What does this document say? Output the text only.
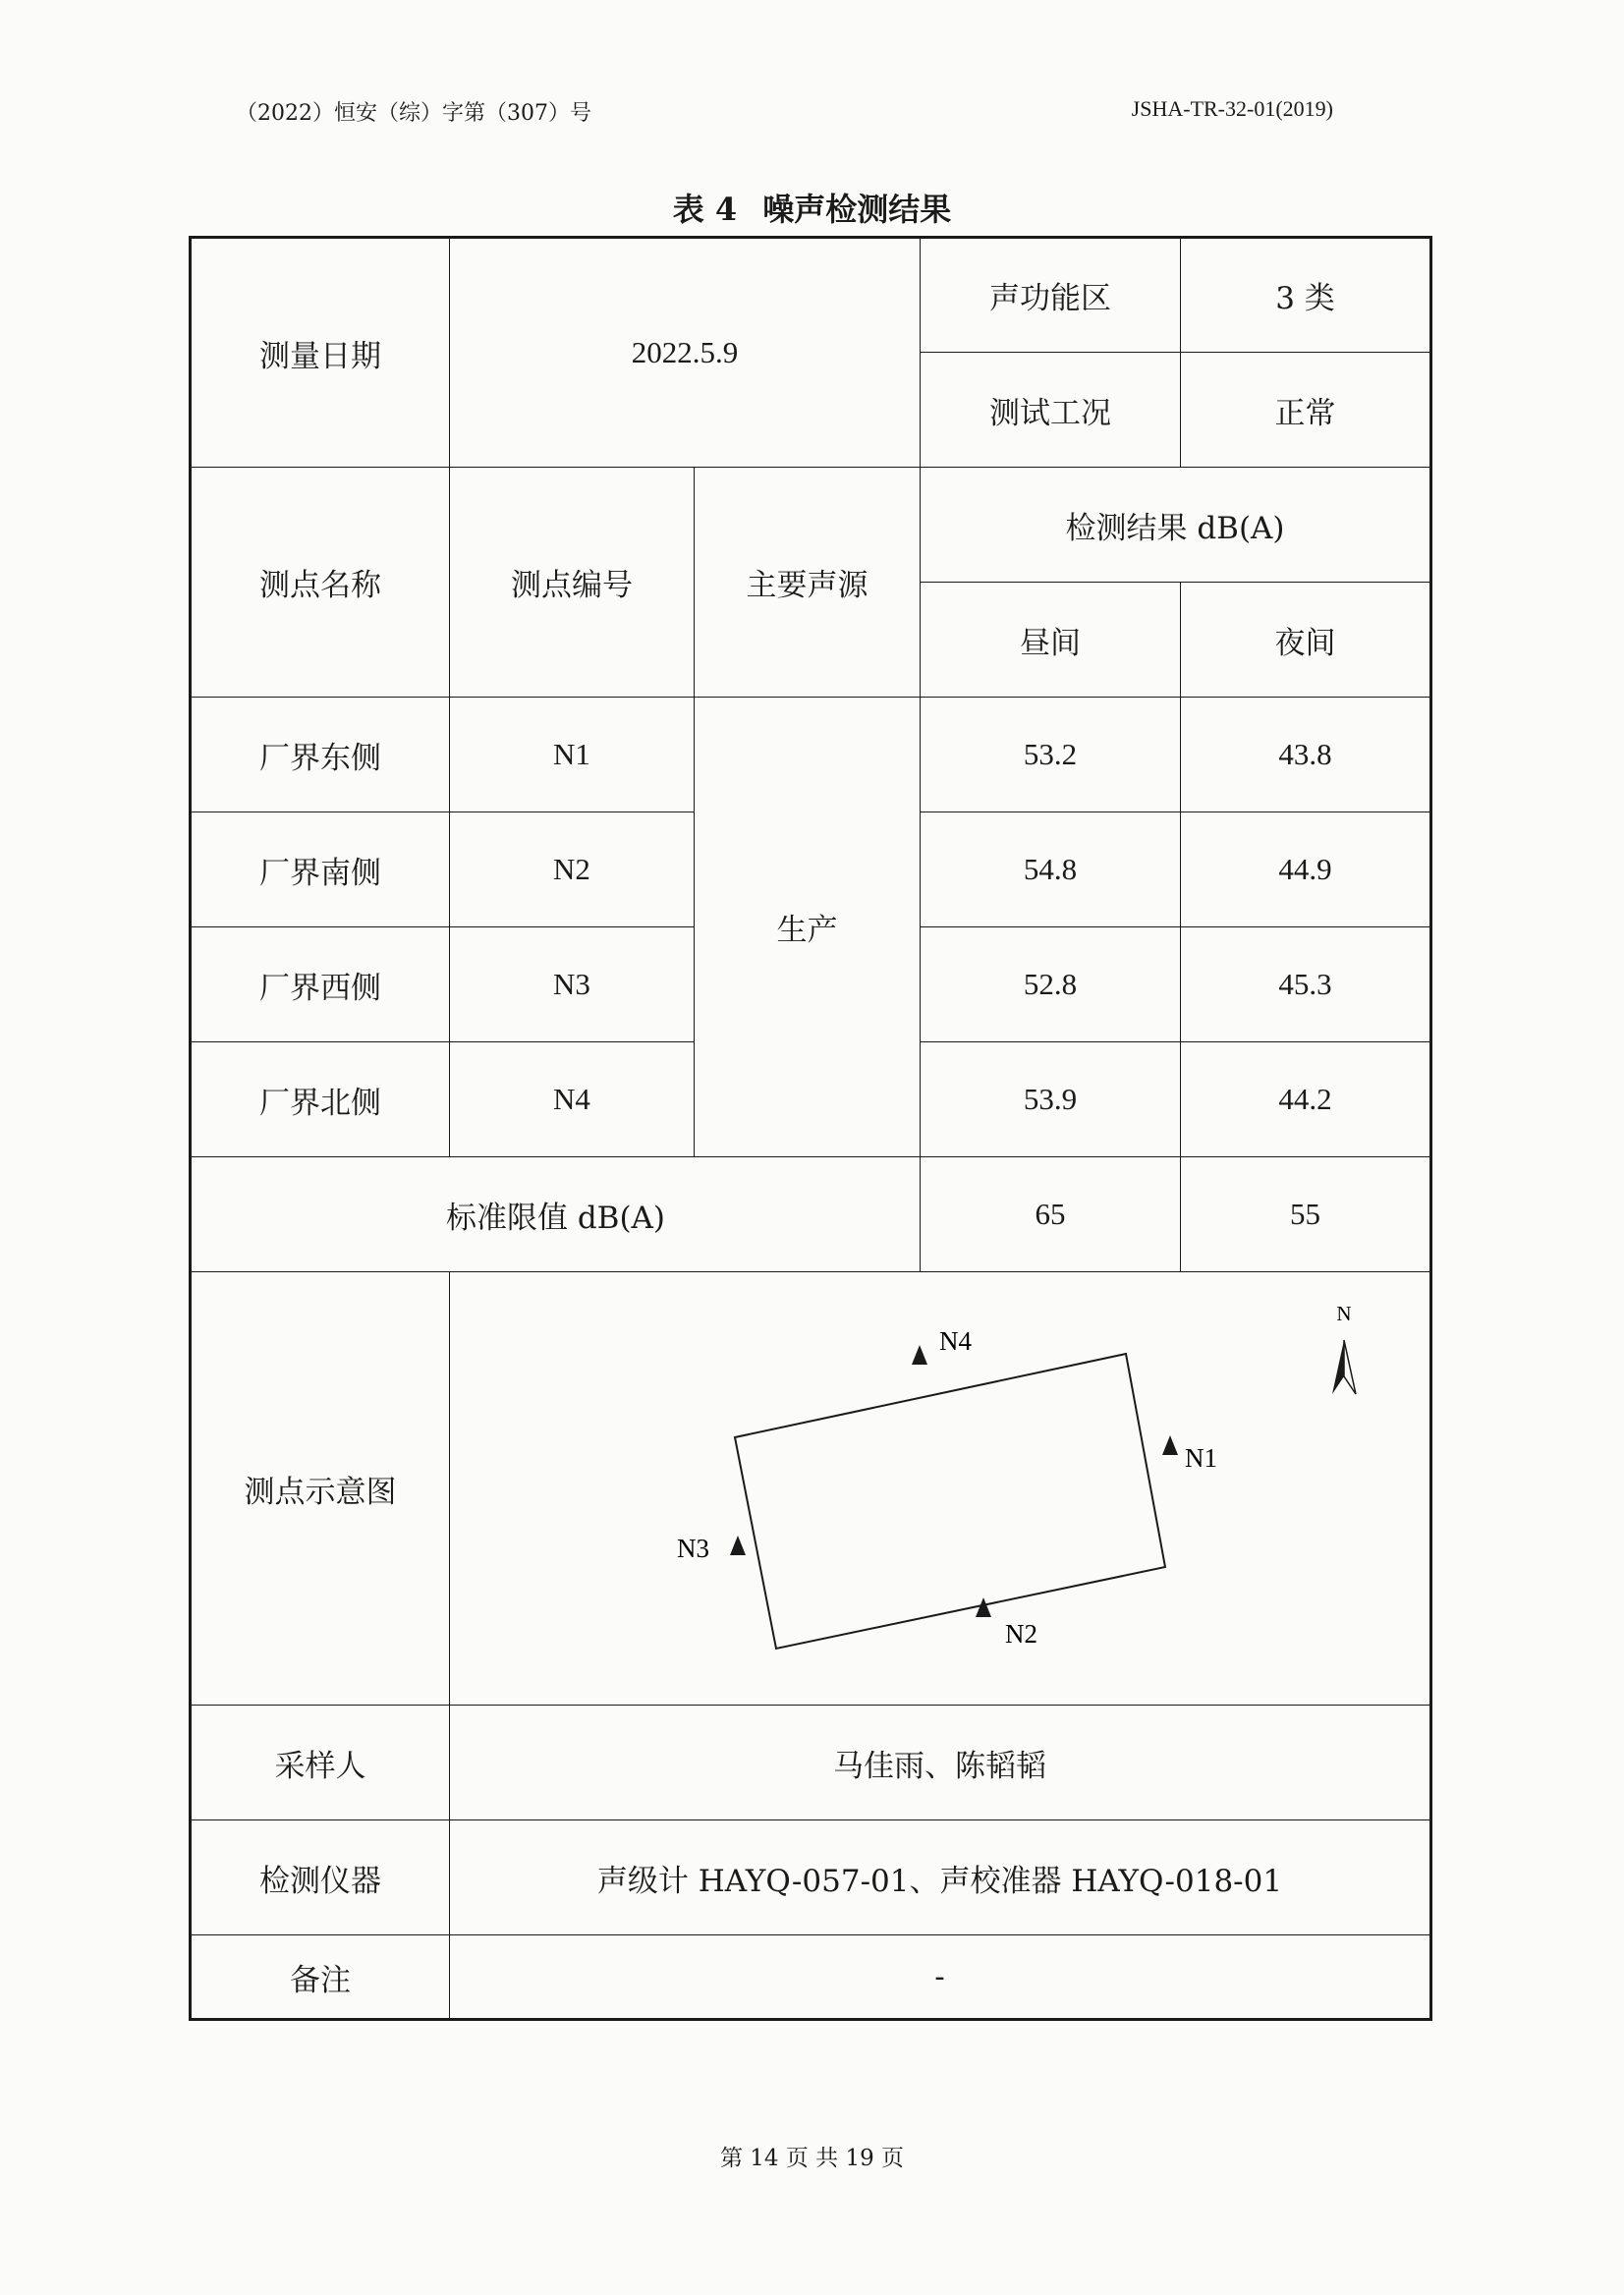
（2022）恒安（综）字第（307）号	JSHA-TR-32-01(2019)
表 4 噪声检测结果
测量日期	2022.5.9		声功能区	3 类
			测试工况	正常
测点名称	测点编号	主要声源	检测结果 dB(A)	
			昼间	夜间
厂界东侧	N1	生产	53.2	43.8
厂界南侧	N2		54.8	44.9
厂界西侧	N3		52.8	45.3
厂界北侧	N4		53.9	44.2
标准限值 dB(A)			65	55
测点示意图	N4
N1
N3
N2
N			

采样人	马佳雨、陈韬韬			
检测仪器	声级计 HAYQ-057-01、声校准器 HAYQ-018-01			
备注	-			
第 14 页 共 19 页
